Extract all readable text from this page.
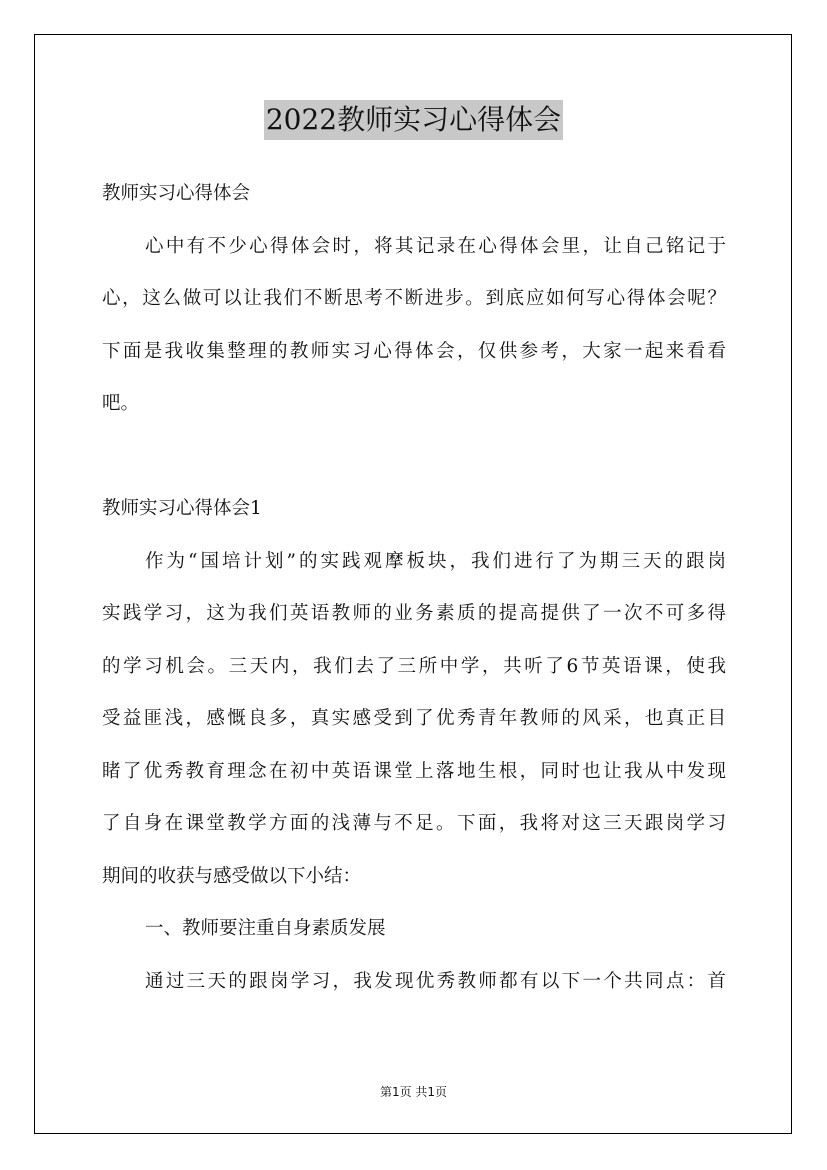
2022教师实习心得体会
教师实习心得体会
心中有不少心得体会时，将其记录在心得体会里，让自己铭记于
心，这么做可以让我们不断思考不断进步。到底应如何写心得体会呢？
下面是我收集整理的教师实习心得体会，仅供参考，大家一起来看看
吧。
教师实习心得体会1
作为“国培计划”的实践观摩板块，我们进行了为期三天的跟岗
实践学习，这为我们英语教师的业务素质的提高提供了一次不可多得
的学习机会。三天内，我们去了三所中学，共听了6节英语课，使我
受益匪浅，感慨良多，真实感受到了优秀青年教师的风采，也真正目
睹了优秀教育理念在初中英语课堂上落地生根，同时也让我从中发现
了自身在课堂教学方面的浅薄与不足。下面，我将对这三天跟岗学习
期间的收获与感受做以下小结：
一、教师要注重自身素质发展
通过三天的跟岗学习，我发现优秀教师都有以下一个共同点：首
第1页 共1页
